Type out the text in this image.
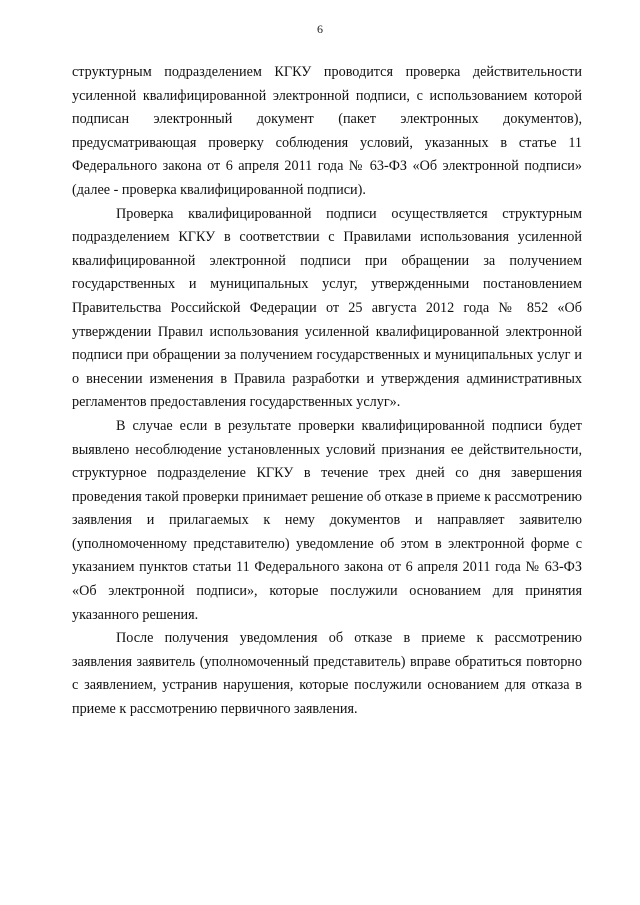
6

структурным подразделением КГКУ проводится проверка действительности усиленной квалифицированной электронной подписи, с использованием которой подписан электронный документ (пакет электронных документов), предусматривающая проверку соблюдения условий, указанных в статье 11 Федерального закона от 6 апреля 2011 года № 63-ФЗ «Об электронной подписи» (далее - проверка квалифицированной подписи).

Проверка квалифицированной подписи осуществляется структурным подразделением КГКУ в соответствии с Правилами использования усиленной квалифицированной электронной подписи при обращении за получением государственных и муниципальных услуг, утвержденными постановлением Правительства Российской Федерации от 25 августа 2012 года № 852 «Об утверждении Правил использования усиленной квалифицированной электронной подписи при обращении за получением государственных и муниципальных услуг и о внесении изменения в Правила разработки и утверждения административных регламентов предоставления государственных услуг».

В случае если в результате проверки квалифицированной подписи будет выявлено несоблюдение установленных условий признания ее действительности, структурное подразделение КГКУ в течение трех дней со дня завершения проведения такой проверки принимает решение об отказе в приеме к рассмотрению заявления и прилагаемых к нему документов и направляет заявителю (уполномоченному представителю) уведомление об этом в электронной форме с указанием пунктов статьи 11 Федерального закона от 6 апреля 2011 года № 63-ФЗ «Об электронной подписи», которые послужили основанием для принятия указанного решения.

После получения уведомления об отказе в приеме к рассмотрению заявления заявитель (уполномоченный представитель) вправе обратиться повторно с заявлением, устранив нарушения, которые послужили основанием для отказа в приеме к рассмотрению первичного заявления.
